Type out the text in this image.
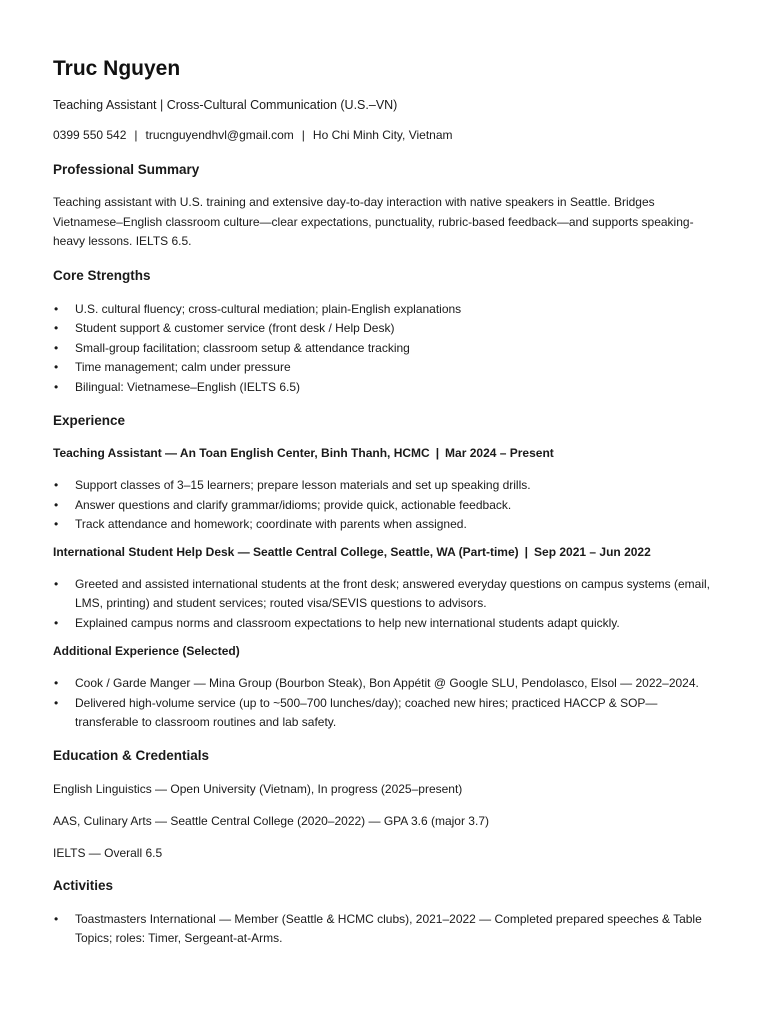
Truc Nguyen

Teaching Assistant | Cross-Cultural Communication (U.S.–VN)

0399 550 542 | trucnguyendhvl@gmail.com | Ho Chi Minh City, Vietnam

Professional Summary

Teaching assistant with U.S. training and extensive day-to-day interaction with native speakers in Seattle. Bridges Vietnamese–English classroom culture—clear expectations, punctuality, rubric-based feedback—and supports speaking-heavy lessons. IELTS 6.5.

Core Strengths
• U.S. cultural fluency; cross-cultural mediation; plain-English explanations
• Student support & customer service (front desk / Help Desk)
• Small-group facilitation; classroom setup & attendance tracking
• Time management; calm under pressure
• Bilingual: Vietnamese–English (IELTS 6.5)
Experience

Teaching Assistant — An Toan English Center, Binh Thanh, HCMC | Mar 2024 – Present

• Support classes of 3–15 learners; prepare lesson materials and set up speaking drills.
• Answer questions and clarify grammar/idioms; provide quick, actionable feedback.
• Track attendance and homework; coordinate with parents when assigned.

International Student Help Desk — Seattle Central College, Seattle, WA (Part-time) | Sep 2021 – Jun 2022

• Greeted and assisted international students at the front desk; answered everyday questions on campus systems (email, LMS, printing) and student services; routed visa/SEVIS questions to advisors.
• Explained campus norms and classroom expectations to help new international students adapt quickly.

Additional Experience (Selected)

• Cook / Garde Manger — Mina Group (Bourbon Steak), Bon Appétit @ Google SLU, Pendolasco, Elsol — 2022–2024.
• Delivered high-volume service (up to ~500–700 lunches/day); coached new hires; practiced HACCP & SOP—transferable to classroom routines and lab safety.
Education & Credentials

English Linguistics — Open University (Vietnam), In progress (2025–present)

AAS, Culinary Arts — Seattle Central College (2020–2022) — GPA 3.6 (major 3.7)

IELTS — Overall 6.5

Activities
• Toastmasters International — Member (Seattle & HCMC clubs), 2021–2022 — Completed prepared speeches & Table Topics; roles: Timer, Sergeant-at-Arms.
